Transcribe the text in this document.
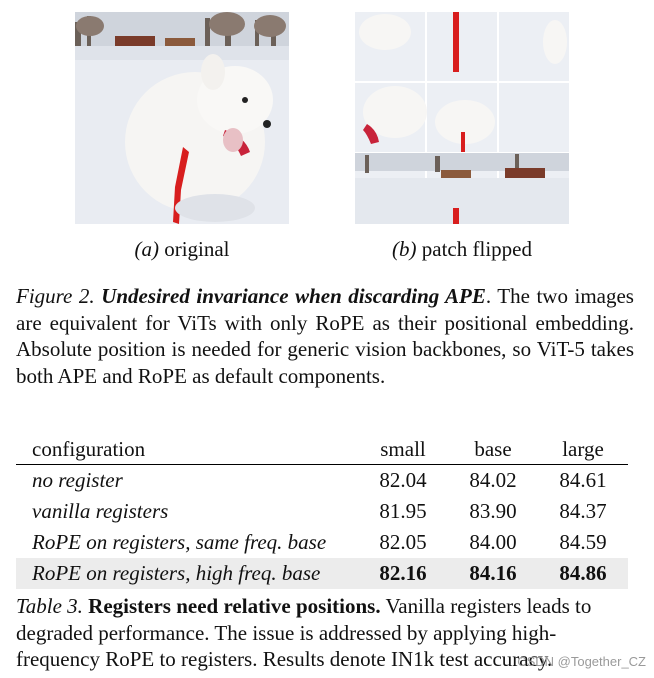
(a) original	(b) patch flipped
Figure 2. Undesired invariance when discarding APE. The two images are equivalent for ViTs with only RoPE as their positional embedding. Absolute position is needed for generic vision backbones, so ViT-5 takes both APE and RoPE as default components.
configuration	small	base	large
no register	82.04	84.02	84.61
vanilla registers	81.95	83.90	84.37
RoPE on registers, same freq. base	82.05	84.00	84.59
RoPE on registers, high freq. base	82.16	84.16	84.86
Table 3. Registers need relative positions. Vanilla registers leads to degraded performance. The issue is addressed by applying high-frequency RoPE to registers. Results denote IN1k test accuracy.
CSDN @Together_CZ
